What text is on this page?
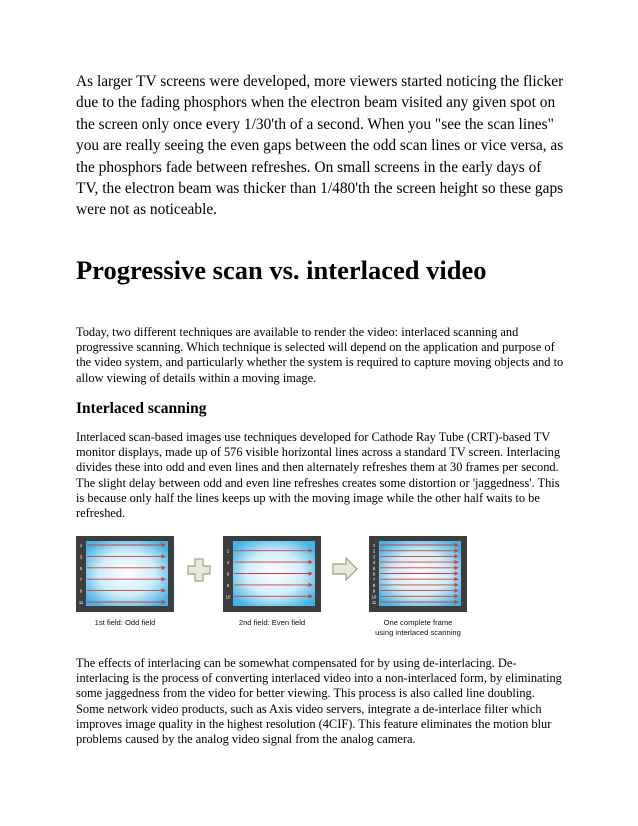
As larger TV screens were developed, more viewers started noticing the flicker due to the fading phosphors when the electron beam visited any given spot on the screen only once every 1/30'th of a second. When you "see the scan lines" you are really seeing the even gaps between the odd scan lines or vice versa, as the phosphors fade between refreshes. On small screens in the early days of TV, the electron beam was thicker than 1/480'th the screen height so these gaps were not as noticeable.

Progressive scan vs. interlaced video

Today, two different techniques are available to render the video: interlaced scanning and progressive scanning. Which technique is selected will depend on the application and purpose of the video system, and particularly whether the system is required to capture moving objects and to allow viewing of details within a moving image.

Interlaced scanning

Interlaced scan-based images use techniques developed for Cathode Ray Tube (CRT)-based TV monitor displays, made up of 576 visible horizontal lines across a standard TV screen. Interlacing divides these into odd and even lines and then alternately refreshes them at 30 frames per second. The slight delay between odd and even line refreshes creates some distortion or 'jaggedness'. This is because only half the lines keeps up with the moving image while the other half waits to be refreshed.

1
3
5
7
9
11
2
4
6
8
10
1
2
3
4
5
6
7
8
9
10
11
1st field: Odd field	2nd field: Even field	One complete frame
using interlaced scanning

The effects of interlacing can be somewhat compensated for by using de-interlacing. De-interlacing is the process of converting interlaced video into a non-interlaced form, by eliminating some jaggedness from the video for better viewing. This process is also called line doubling. Some network video products, such as Axis video servers, integrate a de-interlace filter which improves image quality in the highest resolution (4CIF). This feature eliminates the motion blur problems caused by the analog video signal from the analog camera.
